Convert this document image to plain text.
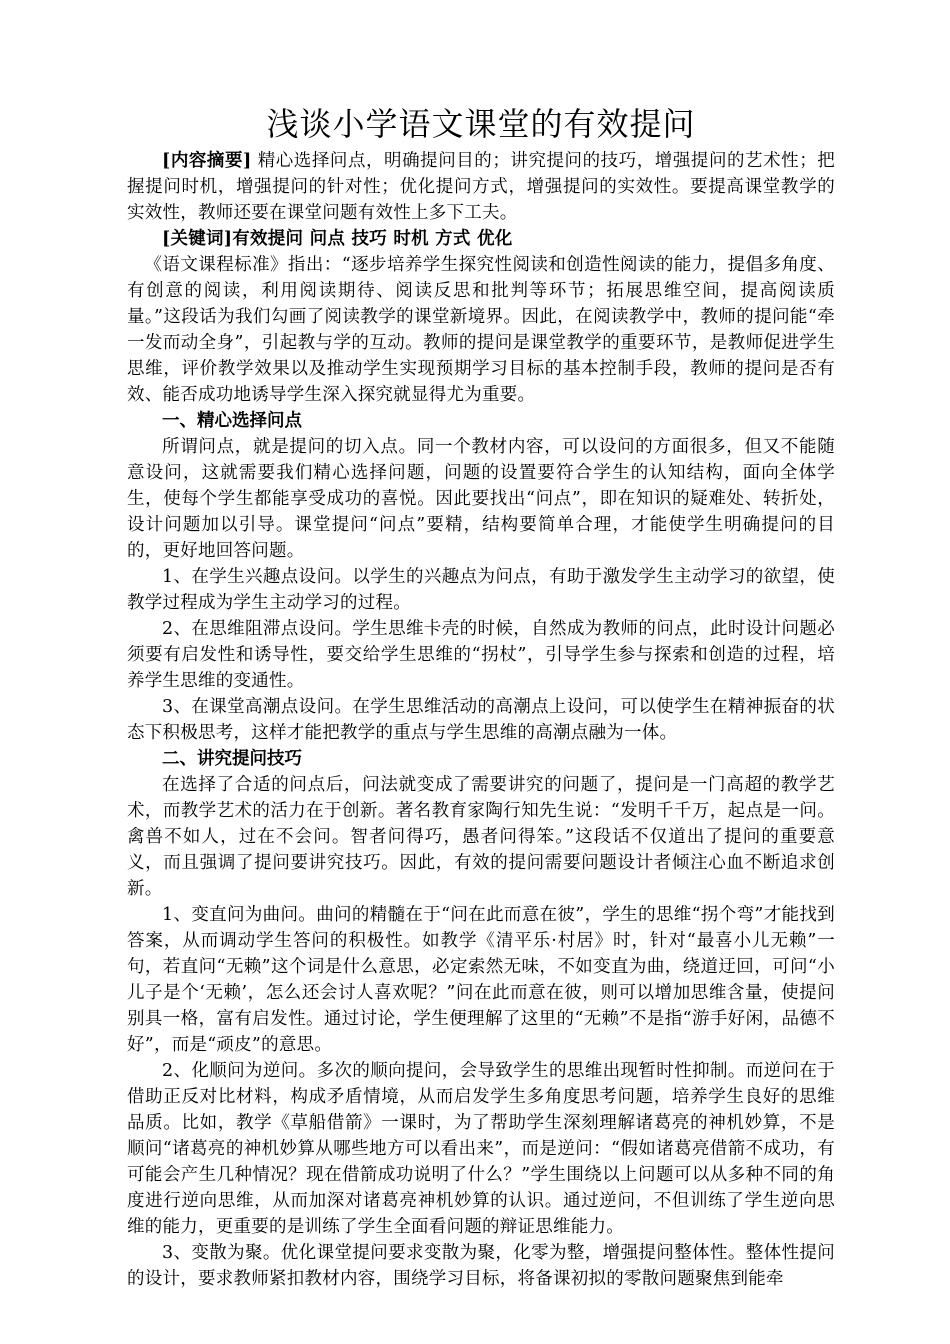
浅谈小学语文课堂的有效提问

[内容摘要] 精心选择问点，明确提问目的；讲究提问的技巧，增强提问的艺术性；把握提问时机，增强提问的针对性；优化提问方式，增强提问的实效性。要提高课堂教学的实效性，教师还要在课堂问题有效性上多下工夫。

[关键词]有效提问 问点 技巧 时机 方式 优化

《语文课程标准》指出：“逐步培养学生探究性阅读和创造性阅读的能力，提倡多角度、有创意的阅读，利用阅读期待、阅读反思和批判等环节；拓展思维空间，提高阅读质量。”这段话为我们勾画了阅读教学的课堂新境界。因此，在阅读教学中，教师的提问能“牵一发而动全身”，引起教与学的互动。教师的提问是课堂教学的重要环节，是教师促进学生思维，评价教学效果以及推动学生实现预期学习目标的基本控制手段，教师的提问是否有效、能否成功地诱导学生深入探究就显得尤为重要。

一、精心选择问点

所谓问点，就是提问的切入点。同一个教材内容，可以设问的方面很多，但又不能随意设问，这就需要我们精心选择问题，问题的设置要符合学生的认知结构，面向全体学生，使每个学生都能享受成功的喜悦。因此要找出“问点”，即在知识的疑难处、转折处，设计问题加以引导。课堂提问“问点”要精，结构要简单合理，才能使学生明确提问的目的，更好地回答问题。

1、在学生兴趣点设问。以学生的兴趣点为问点，有助于激发学生主动学习的欲望，使教学过程成为学生主动学习的过程。

2、在思维阻滞点设问。学生思维卡壳的时候，自然成为教师的问点，此时设计问题必须要有启发性和诱导性，要交给学生思维的“拐杖”，引导学生参与探索和创造的过程，培养学生思维的变通性。

3、在课堂高潮点设问。在学生思维活动的高潮点上设问，可以使学生在精神振奋的状态下积极思考，这样才能把教学的重点与学生思维的高潮点融为一体。

二、讲究提问技巧

在选择了合适的问点后，问法就变成了需要讲究的问题了，提问是一门高超的教学艺术，而教学艺术的活力在于创新。著名教育家陶行知先生说：“发明千千万，起点是一问。禽兽不如人，过在不会问。智者问得巧，愚者问得笨。”这段话不仅道出了提问的重要意义，而且强调了提问要讲究技巧。因此，有效的提问需要问题设计者倾注心血不断追求创新。

1、变直问为曲问。曲问的精髓在于“问在此而意在彼”，学生的思维“拐个弯”才能找到答案，从而调动学生答问的积极性。如教学《清平乐·村居》时，针对“最喜小儿无赖”一句，若直问“无赖”这个词是什么意思，必定索然无味，不如变直为曲，绕道迂回，可问“小儿子是个‘无赖’，怎么还会讨人喜欢呢？”问在此而意在彼，则可以增加思维含量，使提问别具一格，富有启发性。通过讨论，学生便理解了这里的“无赖”不是指“游手好闲，品德不好”，而是“顽皮”的意思。

2、化顺问为逆问。多次的顺向提问，会导致学生的思维出现暂时性抑制。而逆问在于借助正反对比材料，构成矛盾情境，从而启发学生多角度思考问题，培养学生良好的思维品质。比如，教学《草船借箭》一课时，为了帮助学生深刻理解诸葛亮的神机妙算，不是顺问“诸葛亮的神机妙算从哪些地方可以看出来”，而是逆问：“假如诸葛亮借箭不成功，有可能会产生几种情况？现在借箭成功说明了什么？”学生围绕以上问题可以从多种不同的角度进行逆向思维，从而加深对诸葛亮神机妙算的认识。通过逆问，不但训练了学生逆向思维的能力，更重要的是训练了学生全面看问题的辩证思维能力。

3、变散为聚。优化课堂提问要求变散为聚，化零为整，增强提问整体性。整体性提问的设计，要求教师紧扣教材内容，围绕学习目标，将备课初拟的零散问题聚焦到能牵
